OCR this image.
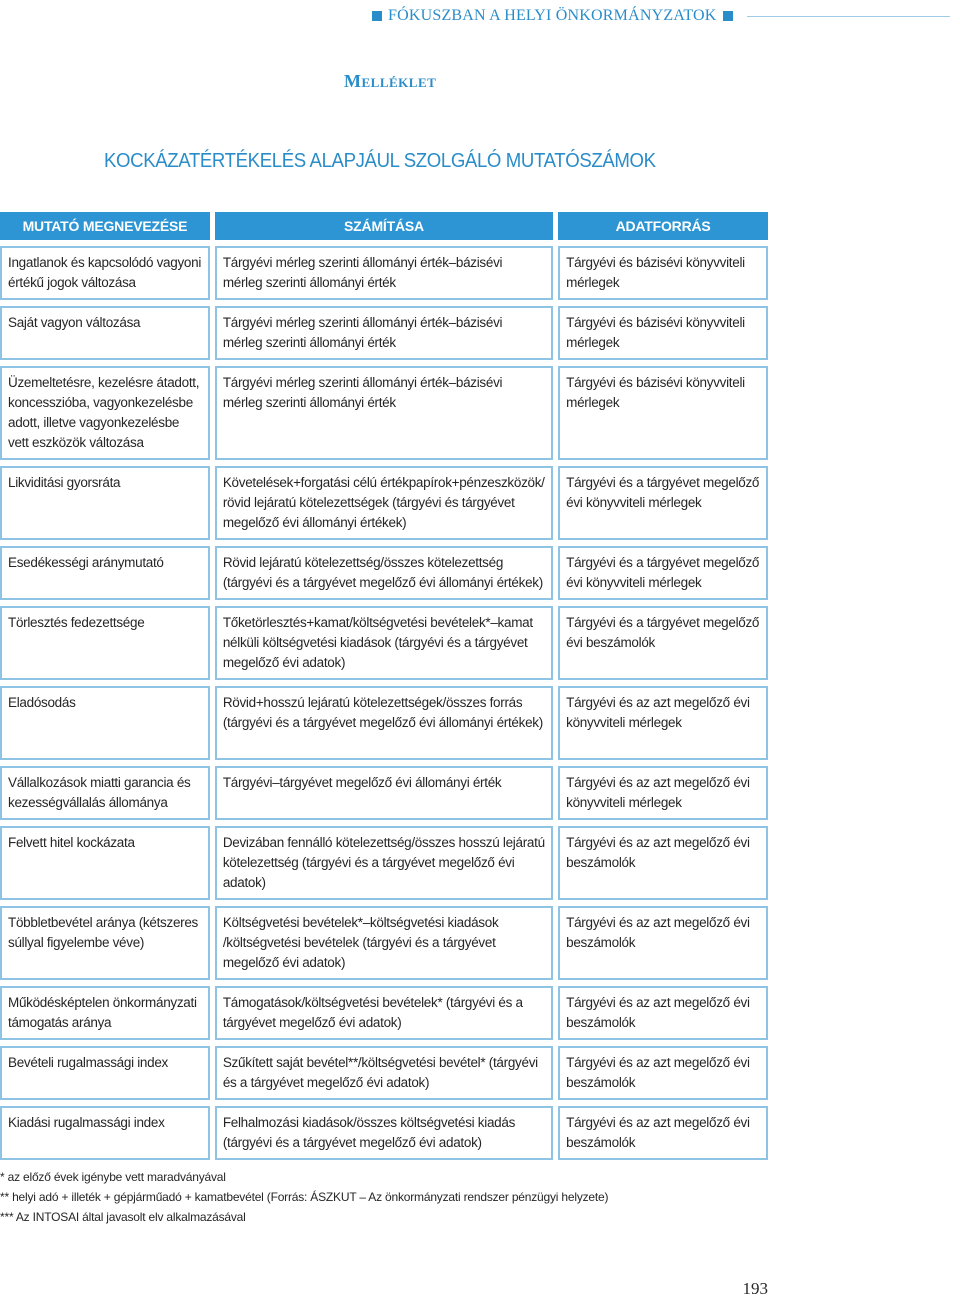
FÓKUSZBAN A HELYI ÖNKORMÁNYZATOK
Melléklet
KOCKÁZATÉRTÉKELÉS ALAPJÁUL SZOLGÁLÓ MUTATÓSZÁMOK
MUTATÓ MEGNEVEZÉSE	SZÁMÍTÁSA	ADATFORRÁS
Ingatlanok és kapcsolódó vagyoni értékű jogok változása	Tárgyévi mérleg szerinti állományi érték–bázisévi mérleg szerinti állományi érték	Tárgyévi és bázisévi könyvviteli mérlegek
Saját vagyon változása	Tárgyévi mérleg szerinti állományi érték–bázisévi mérleg szerinti állományi érték	Tárgyévi és bázisévi könyvviteli mérlegek
Üzemeltetésre, kezelésre átadott, koncesszióba, vagyonkezelésbe adott, illetve vagyonkezelésbe vett eszközök változása	Tárgyévi mérleg szerinti állományi érték–bázisévi mérleg szerinti állományi érték	Tárgyévi és bázisévi könyvviteli mérlegek
Likviditási gyorsráta	Követelések+forgatási célú értékpapírok+pénzeszközök/ rövid lejáratú kötelezettségek (tárgyévi és tárgyévet megelőző évi állományi értékek)	Tárgyévi és a tárgyévet megelőző évi könyvviteli mérlegek
Esedékességi aránymutató	Rövid lejáratú kötelezettség/összes kötelezettség (tárgyévi és a tárgyévet megelőző évi állományi értékek)	Tárgyévi és a tárgyévet megelőző évi könyvviteli mérlegek
Törlesztés fedezettsége	Tőketörlesztés+kamat/költségvetési bevételek*–kamat nélküli költségvetési kiadások (tárgyévi és a tárgyévet megelőző évi adatok)	Tárgyévi és a tárgyévet megelőző évi beszámolók
Eladósodás	Rövid+hosszú lejáratú kötelezettségek/összes forrás (tárgyévi és a tárgyévet megelőző évi állományi értékek)	Tárgyévi és az azt megelőző évi könyvviteli mérlegek
Vállalkozások miatti garancia és kezességvállalás állománya	Tárgyévi–tárgyévet megelőző évi állományi érték	Tárgyévi és az azt megelőző évi könyvviteli mérlegek
Felvett hitel kockázata	Devizában fennálló kötelezettség/összes hosszú lejáratú kötelezettség (tárgyévi és a tárgyévet megelőző évi adatok)	Tárgyévi és az azt megelőző évi beszámolók
Többletbevétel aránya (kétszeres súllyal figyelembe véve)	Költségvetési bevételek*–költségvetési kiadások /költségvetési bevételek (tárgyévi és a tárgyévet megelőző évi adatok)	Tárgyévi és az azt megelőző évi beszámolók
Működésképtelen önkormányzati támogatás aránya	Támogatások/költségvetési bevételek* (tárgyévi és a tárgyévet megelőző évi adatok)	Tárgyévi és az azt megelőző évi beszámolók
Bevételi rugalmassági index	Szűkített saját bevétel**/költségvetési bevétel* (tárgyévi és a tárgyévet megelőző évi adatok)	Tárgyévi és az azt megelőző évi beszámolók
Kiadási rugalmassági index	Felhalmozási kiadások/összes költségvetési kiadás (tárgyévi és a tárgyévet megelőző évi adatok)	Tárgyévi és az azt megelőző évi beszámolók
* az előző évek igénybe vett maradványával
** helyi adó + illeték + gépjárműadó + kamatbevétel (Forrás: ÁSZKUT – Az önkormányzati rendszer pénzügyi helyzete)
*** Az INTOSAI által javasolt elv alkalmazásával
193
